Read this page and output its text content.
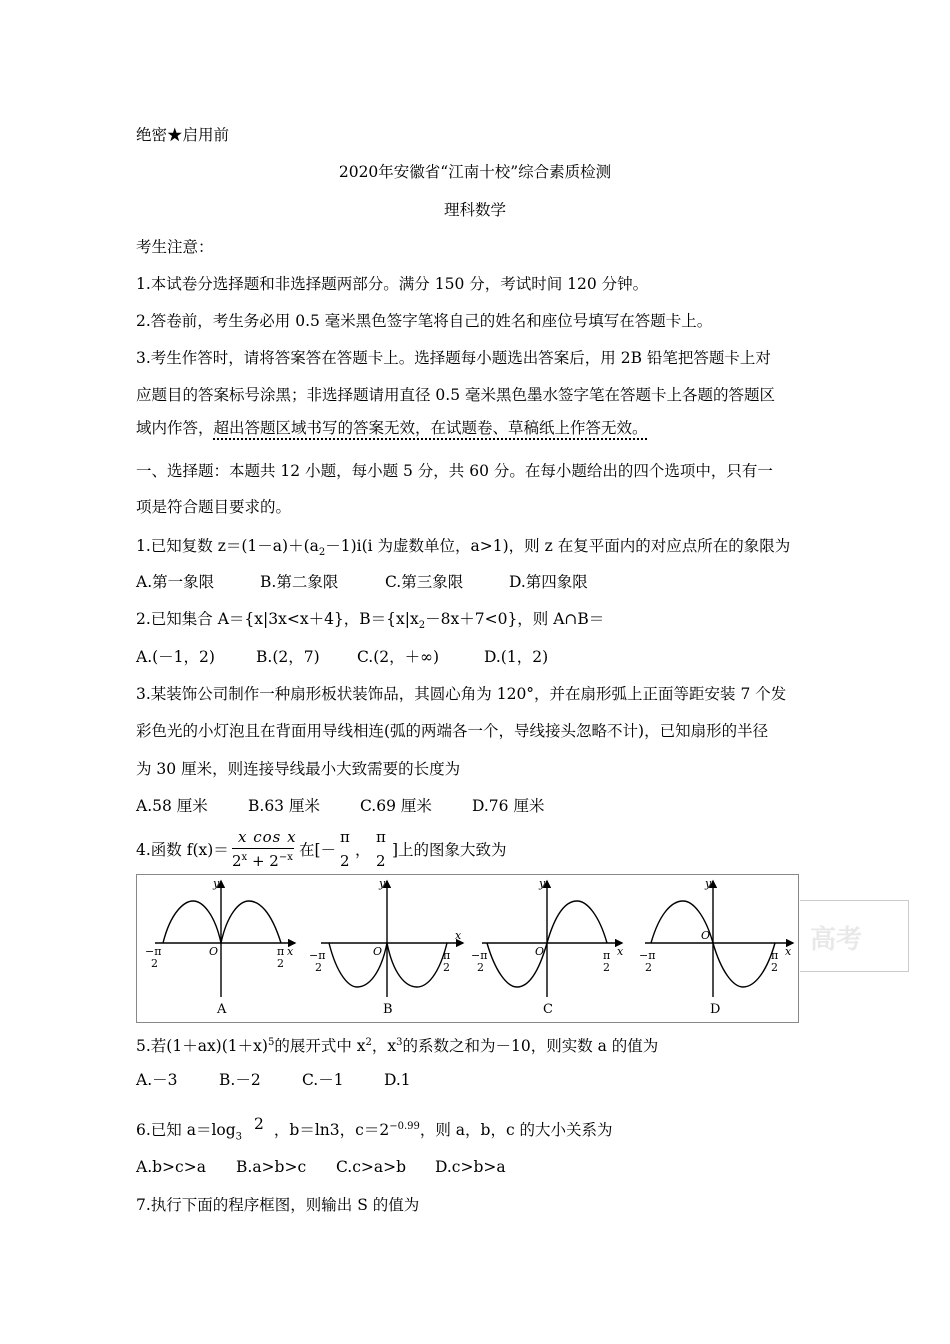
绝密★启用前
2020年安徽省“江南十校”综合素质检测
理科数学
考生注意：
1.本试卷分选择题和非选择题两部分。满分 150 分，考试时间 120 分钟。
2.答卷前，考生务必用 0.5 毫米黑色签字笔将自己的姓名和座位号填写在答题卡上。
3.考生作答时，请将答案答在答题卡上。选择题每小题选出答案后，用 2B 铅笔把答题卡上对
应题目的答案标号涂黑；非选择题请用直径 0.5 毫米黑色墨水签字笔在答题卡上各题的答题区
域内作答，超出答题区域书写的答案无效，在试题卷、草稿纸上作答无效。
一、选择题：本题共 12 小题，每小题 5 分，共 60 分。在每小题给出的四个选项中，只有一
项是符合题目要求的。
1.已知复数 $z=(1-a)+(a_2-1)i(i$ 为虚数单位，a>1)，则 z 在复平面内的对应点所在的象限为
A.第一象限	B.第二象限	C.第三象限	D.第四象限
2.已知集合 A＝{x|3x<x＋4}，$B=\{x|x_2-8x+7<0\}$，则 A∩B＝
A.(－1，2)	B.(2，7) C.(2，＋∞)	D.(1，2)
3.某装饰公司制作一种扇形板状装饰品，其圆心角为 120°，并在扇形弧上正面等距安装 7 个发
彩色光的小灯泡且在背面用导线相连(弧的两端各一个，导线接头忽略不计)，已知扇形的半径
为 30 厘米，则连接导线最小大致需要的长度为
A.58 厘米	B.63 厘米	C.69 厘米	D.76 厘米
4.函数 f(x)＝
x cos x
$2^x + 2^{-x}$ 在[－
π
2
，
π
2
]上的图象大致为
y
x
O
−π
2
π
2
A
y
x
O
−π
2
π
2
B
y
x
O
−π
2
π
2
C
y
x
O
−π
2
π
2
D
高考
5.若$(1+ax)(1+x)^5$的展开式中 $x^2$，$x^3$的系数之和为－10，则实数 a 的值为
A.－3	B.－2	C.－1	D.1
6.已知 $a=\log_32$ ，b＝ln3，$c=2^{-0.99}$，则 a，b，c 的大小关系为
A.b>c>a B.a>b>c C.c>a>b D.c>b>a
7.执行下面的程序框图，则输出 S 的值为
